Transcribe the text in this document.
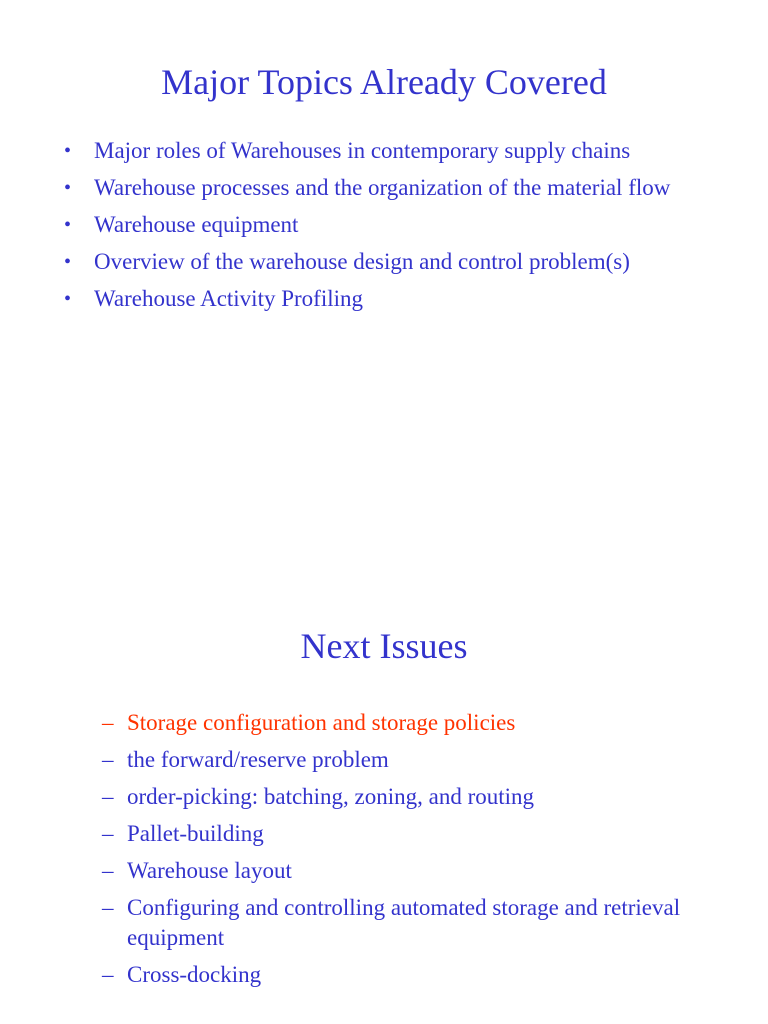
Major Topics Already Covered
• Major roles of Warehouses in contemporary supply chains
• Warehouse processes and the organization of the material flow
• Warehouse equipment
• Overview of the warehouse design and control problem(s)
• Warehouse Activity Profiling
Next Issues
– Storage configuration and storage policies
– the forward/reserve problem
– order-picking: batching, zoning, and routing
– Pallet-building
– Warehouse layout
– Configuring and controlling automated storage and retrieval equipment
– Cross-docking
